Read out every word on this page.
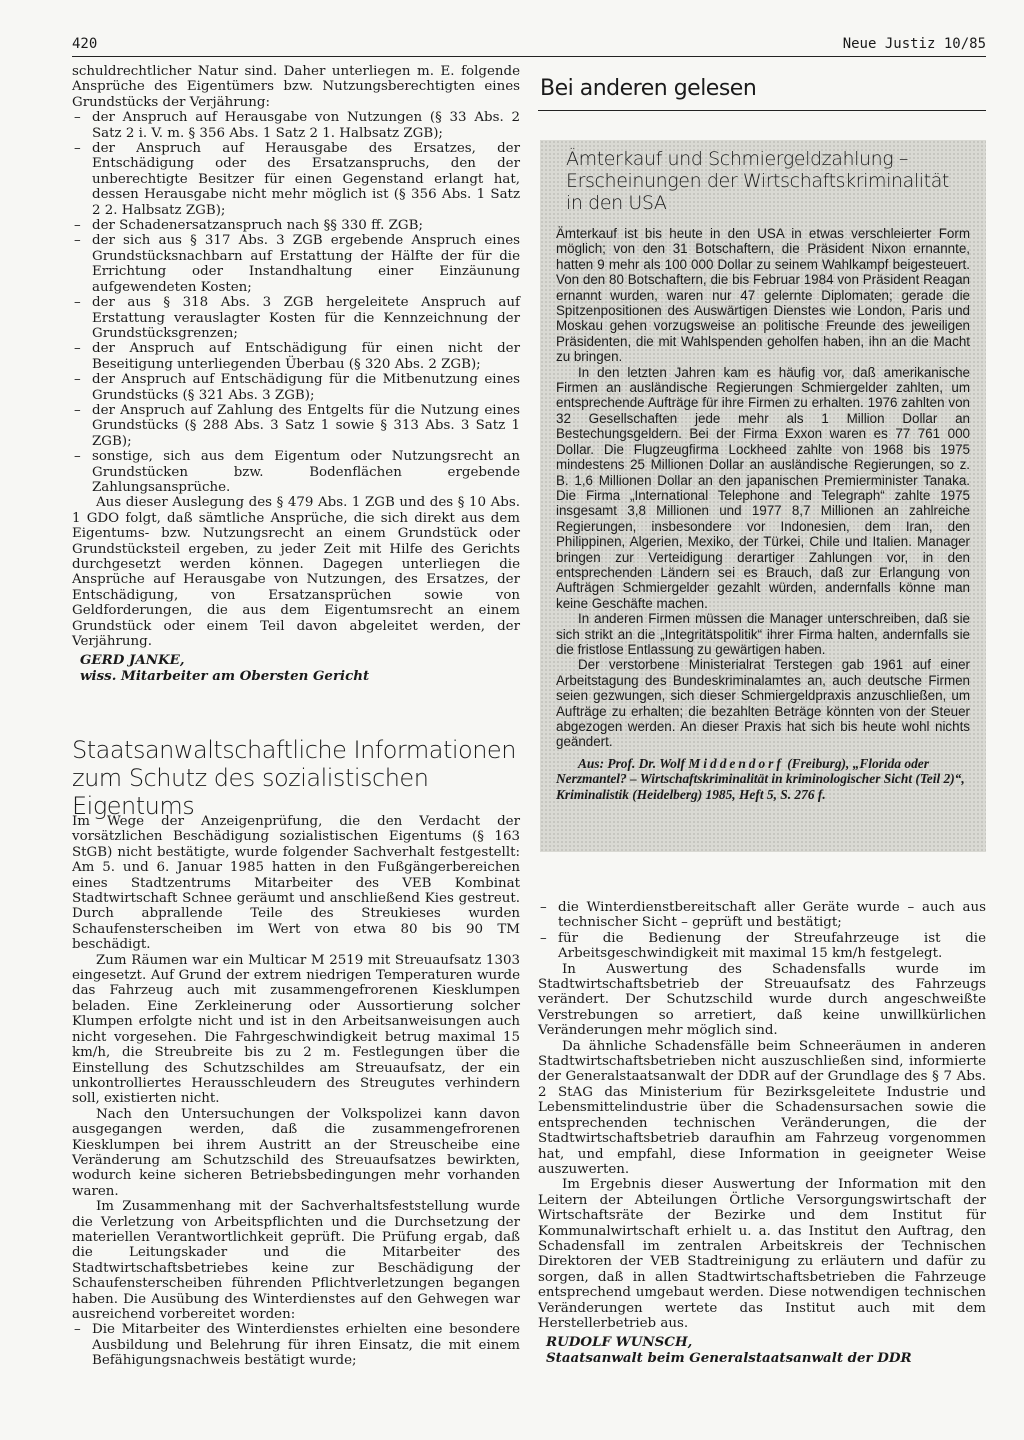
420	Neue Justiz 10/85

schuldrechtlicher Natur sind. Daher unterliegen m. E. folgende Ansprüche des Eigentümers bzw. Nutzungsberechtigten eines Grundstücks der Verjährung:

– der Anspruch auf Herausgabe von Nutzungen (§ 33 Abs. 2 Satz 2 i. V. m. § 356 Abs. 1 Satz 2 1. Halbsatz ZGB);
– der Anspruch auf Herausgabe des Ersatzes, der Entschädigung oder des Ersatzanspruchs, den der unberechtigte Besitzer für einen Gegenstand erlangt hat, dessen Herausgabe nicht mehr möglich ist (§ 356 Abs. 1 Satz 2 2. Halbsatz ZGB);
– der Schadenersatzanspruch nach §§ 330 ff. ZGB;
– der sich aus § 317 Abs. 3 ZGB ergebende Anspruch eines Grundstücksnachbarn auf Erstattung der Hälfte der für die Errichtung oder Instandhaltung einer Einzäunung aufgewendeten Kosten;
– der aus § 318 Abs. 3 ZGB hergeleitete Anspruch auf Erstattung verauslagter Kosten für die Kennzeichnung der Grundstücksgrenzen;
– der Anspruch auf Entschädigung für einen nicht der Beseitigung unterliegenden Überbau (§ 320 Abs. 2 ZGB);
– der Anspruch auf Entschädigung für die Mitbenutzung eines Grundstücks (§ 321 Abs. 3 ZGB);
– der Anspruch auf Zahlung des Entgelts für die Nutzung eines Grundstücks (§ 288 Abs. 3 Satz 1 sowie § 313 Abs. 3 Satz 1 ZGB);
– sonstige, sich aus dem Eigentum oder Nutzungsrecht an Grundstücken bzw. Bodenflächen ergebende Zahlungsansprüche.

Aus dieser Auslegung des § 479 Abs. 1 ZGB und des § 10 Abs. 1 GDO folgt, daß sämtliche Ansprüche, die sich direkt aus dem Eigentums- bzw. Nutzungsrecht an einem Grundstück oder Grundstücksteil ergeben, zu jeder Zeit mit Hilfe des Gerichts durchgesetzt werden können. Dagegen unterliegen die Ansprüche auf Herausgabe von Nutzungen, des Ersatzes, der Entschädigung, von Ersatzansprüchen sowie von Geldforderungen, die aus dem Eigentumsrecht an einem Grundstück oder einem Teil davon abgeleitet werden, der Verjährung.

GERD JANKE,
wiss. Mitarbeiter am Obersten Gericht
Staatsanwaltschaftliche Informationen
zum Schutz des sozialistischen Eigentums

Im Wege der Anzeigenprüfung, die den Verdacht der vorsätzlichen Beschädigung sozialistischen Eigentums (§ 163 StGB) nicht bestätigte, wurde folgender Sachverhalt festgestellt: Am 5. und 6. Januar 1985 hatten in den Fußgängerbereichen eines Stadtzentrums Mitarbeiter des VEB Kombinat Stadtwirtschaft Schnee geräumt und anschließend Kies gestreut. Durch abprallende Teile des Streukieses wurden Schaufensterscheiben im Wert von etwa 80 bis 90 TM beschädigt.

Zum Räumen war ein Multicar M 2519 mit Streuaufsatz 1303 eingesetzt. Auf Grund der extrem niedrigen Temperaturen wurde das Fahrzeug auch mit zusammengefrorenen Kiesklumpen beladen. Eine Zerkleinerung oder Aussortierung solcher Klumpen erfolgte nicht und ist in den Arbeitsanweisungen auch nicht vorgesehen. Die Fahrgeschwindigkeit betrug maximal 15 km/h, die Streubreite bis zu 2 m. Festlegungen über die Einstellung des Schutzschildes am Streuaufsatz, der ein unkontrolliertes Herausschleudern des Streugutes verhindern soll, existierten nicht.

Nach den Untersuchungen der Volkspolizei kann davon ausgegangen werden, daß die zusammengefrorenen Kiesklumpen bei ihrem Austritt an der Streuscheibe eine Veränderung am Schutzschild des Streuaufsatzes bewirkten, wodurch keine sicheren Betriebsbedingungen mehr vorhanden waren.

Im Zusammenhang mit der Sachverhaltsfeststellung wurde die Verletzung von Arbeitspflichten und die Durchsetzung der materiellen Verantwortlichkeit geprüft. Die Prüfung ergab, daß die Leitungskader und die Mitarbeiter des Stadtwirtschaftsbetriebes keine zur Beschädigung der Schaufensterscheiben führenden Pflichtverletzungen begangen haben. Die Ausübung des Winterdienstes auf den Gehwegen war ausreichend vorbereitet worden:

– Die Mitarbeiter des Winterdienstes erhielten eine besondere Ausbildung und Belehrung für ihren Einsatz, die mit einem Befähigungsnachweis bestätigt wurde;
Bei anderen gelesen
Ämterkauf und Schmiergeldzahlung –
Erscheinungen der Wirtschaftskriminalität in den USA

Ämterkauf ist bis heute in den USA in etwas verschleierter Form möglich; von den 31 Botschaftern, die Präsident Nixon ernannte, hatten 9 mehr als 100 000 Dollar zu seinem Wahlkampf beigesteuert. Von den 80 Botschaftern, die bis Februar 1984 von Präsident Reagan ernannt wurden, waren nur 47 gelernte Diplomaten; gerade die Spitzenpositionen des Auswärtigen Dienstes wie London, Paris und Moskau gehen vorzugsweise an politische Freunde des jeweiligen Präsidenten, die mit Wahlspenden geholfen haben, ihn an die Macht zu bringen.

In den letzten Jahren kam es häufig vor, daß amerikanische Firmen an ausländische Regierungen Schmiergelder zahlten, um entsprechende Aufträge für ihre Firmen zu erhalten. 1976 zahlten von 32 Gesellschaften jede mehr als 1 Million Dollar an Bestechungsgeldern. Bei der Firma Exxon waren es 77 761 000 Dollar. Die Flugzeugfirma Lockheed zahlte von 1968 bis 1975 mindestens 25 Millionen Dollar an ausländische Regierungen, so z. B. 1,6 Millionen Dollar an den japanischen Premierminister Tanaka. Die Firma „International Telephone and Telegraph“ zahlte 1975 insgesamt 3,8 Millionen und 1977 8,7 Millionen an zahlreiche Regierungen, insbesondere vor Indonesien, dem Iran, den Philippinen, Algerien, Mexiko, der Türkei, Chile und Italien. Manager bringen zur Verteidigung derartiger Zahlungen vor, in den entsprechenden Ländern sei es Brauch, daß zur Erlangung von Aufträgen Schmiergelder gezahlt würden, andernfalls könne man keine Geschäfte machen.

In anderen Firmen müssen die Manager unterschreiben, daß sie sich strikt an die „Integritätspolitik“ ihrer Firma halten, andernfalls sie die fristlose Entlassung zu gewärtigen haben.

Der verstorbene Ministerialrat Terstegen gab 1961 auf einer Arbeitstagung des Bundeskriminalamtes an, auch deutsche Firmen seien gezwungen, sich dieser Schmiergeldpraxis anzuschließen, um Aufträge zu erhalten; die bezahlten Beträge könnten von der Steuer abgezogen werden. An dieser Praxis hat sich bis heute wohl nichts geändert.

Aus: Prof. Dr. Wolf Middendorf (Freiburg), „Florida oder Nerzmantel? – Wirtschaftskriminalität in kriminologischer Sicht (Teil 2)“, Kriminalistik (Heidelberg) 1985, Heft 5, S. 276 f.
– die Winterdienstbereitschaft aller Geräte wurde – auch aus technischer Sicht – geprüft und bestätigt;
– für die Bedienung der Streufahrzeuge ist die Arbeitsgeschwindigkeit mit maximal 15 km/h festgelegt.

In Auswertung des Schadensfalls wurde im Stadtwirtschaftsbetrieb der Streuaufsatz des Fahrzeugs verändert. Der Schutzschild wurde durch angeschweißte Verstrebungen so arretiert, daß keine unwillkürlichen Veränderungen mehr möglich sind.

Da ähnliche Schadensfälle beim Schneeräumen in anderen Stadtwirtschaftsbetrieben nicht auszuschließen sind, informierte der Generalstaatsanwalt der DDR auf der Grundlage des § 7 Abs. 2 StAG das Ministerium für Bezirksgeleitete Industrie und Lebensmittelindustrie über die Schadensursachen sowie die entsprechenden technischen Veränderungen, die der Stadtwirtschaftsbetrieb daraufhin am Fahrzeug vorgenommen hat, und empfahl, diese Information in geeigneter Weise auszuwerten.

Im Ergebnis dieser Auswertung der Information mit den Leitern der Abteilungen Örtliche Versorgungswirtschaft der Wirtschaftsräte der Bezirke und dem Institut für Kommunalwirtschaft erhielt u. a. das Institut den Auftrag, den Schadensfall im zentralen Arbeitskreis der Technischen Direktoren der VEB Stadtreinigung zu erläutern und dafür zu sorgen, daß in allen Stadtwirtschaftsbetrieben die Fahrzeuge entsprechend umgebaut werden. Diese notwendigen technischen Veränderungen wertete das Institut auch mit dem Herstellerbetrieb aus.

RUDOLF WUNSCH,
Staatsanwalt beim Generalstaatsanwalt der DDR
